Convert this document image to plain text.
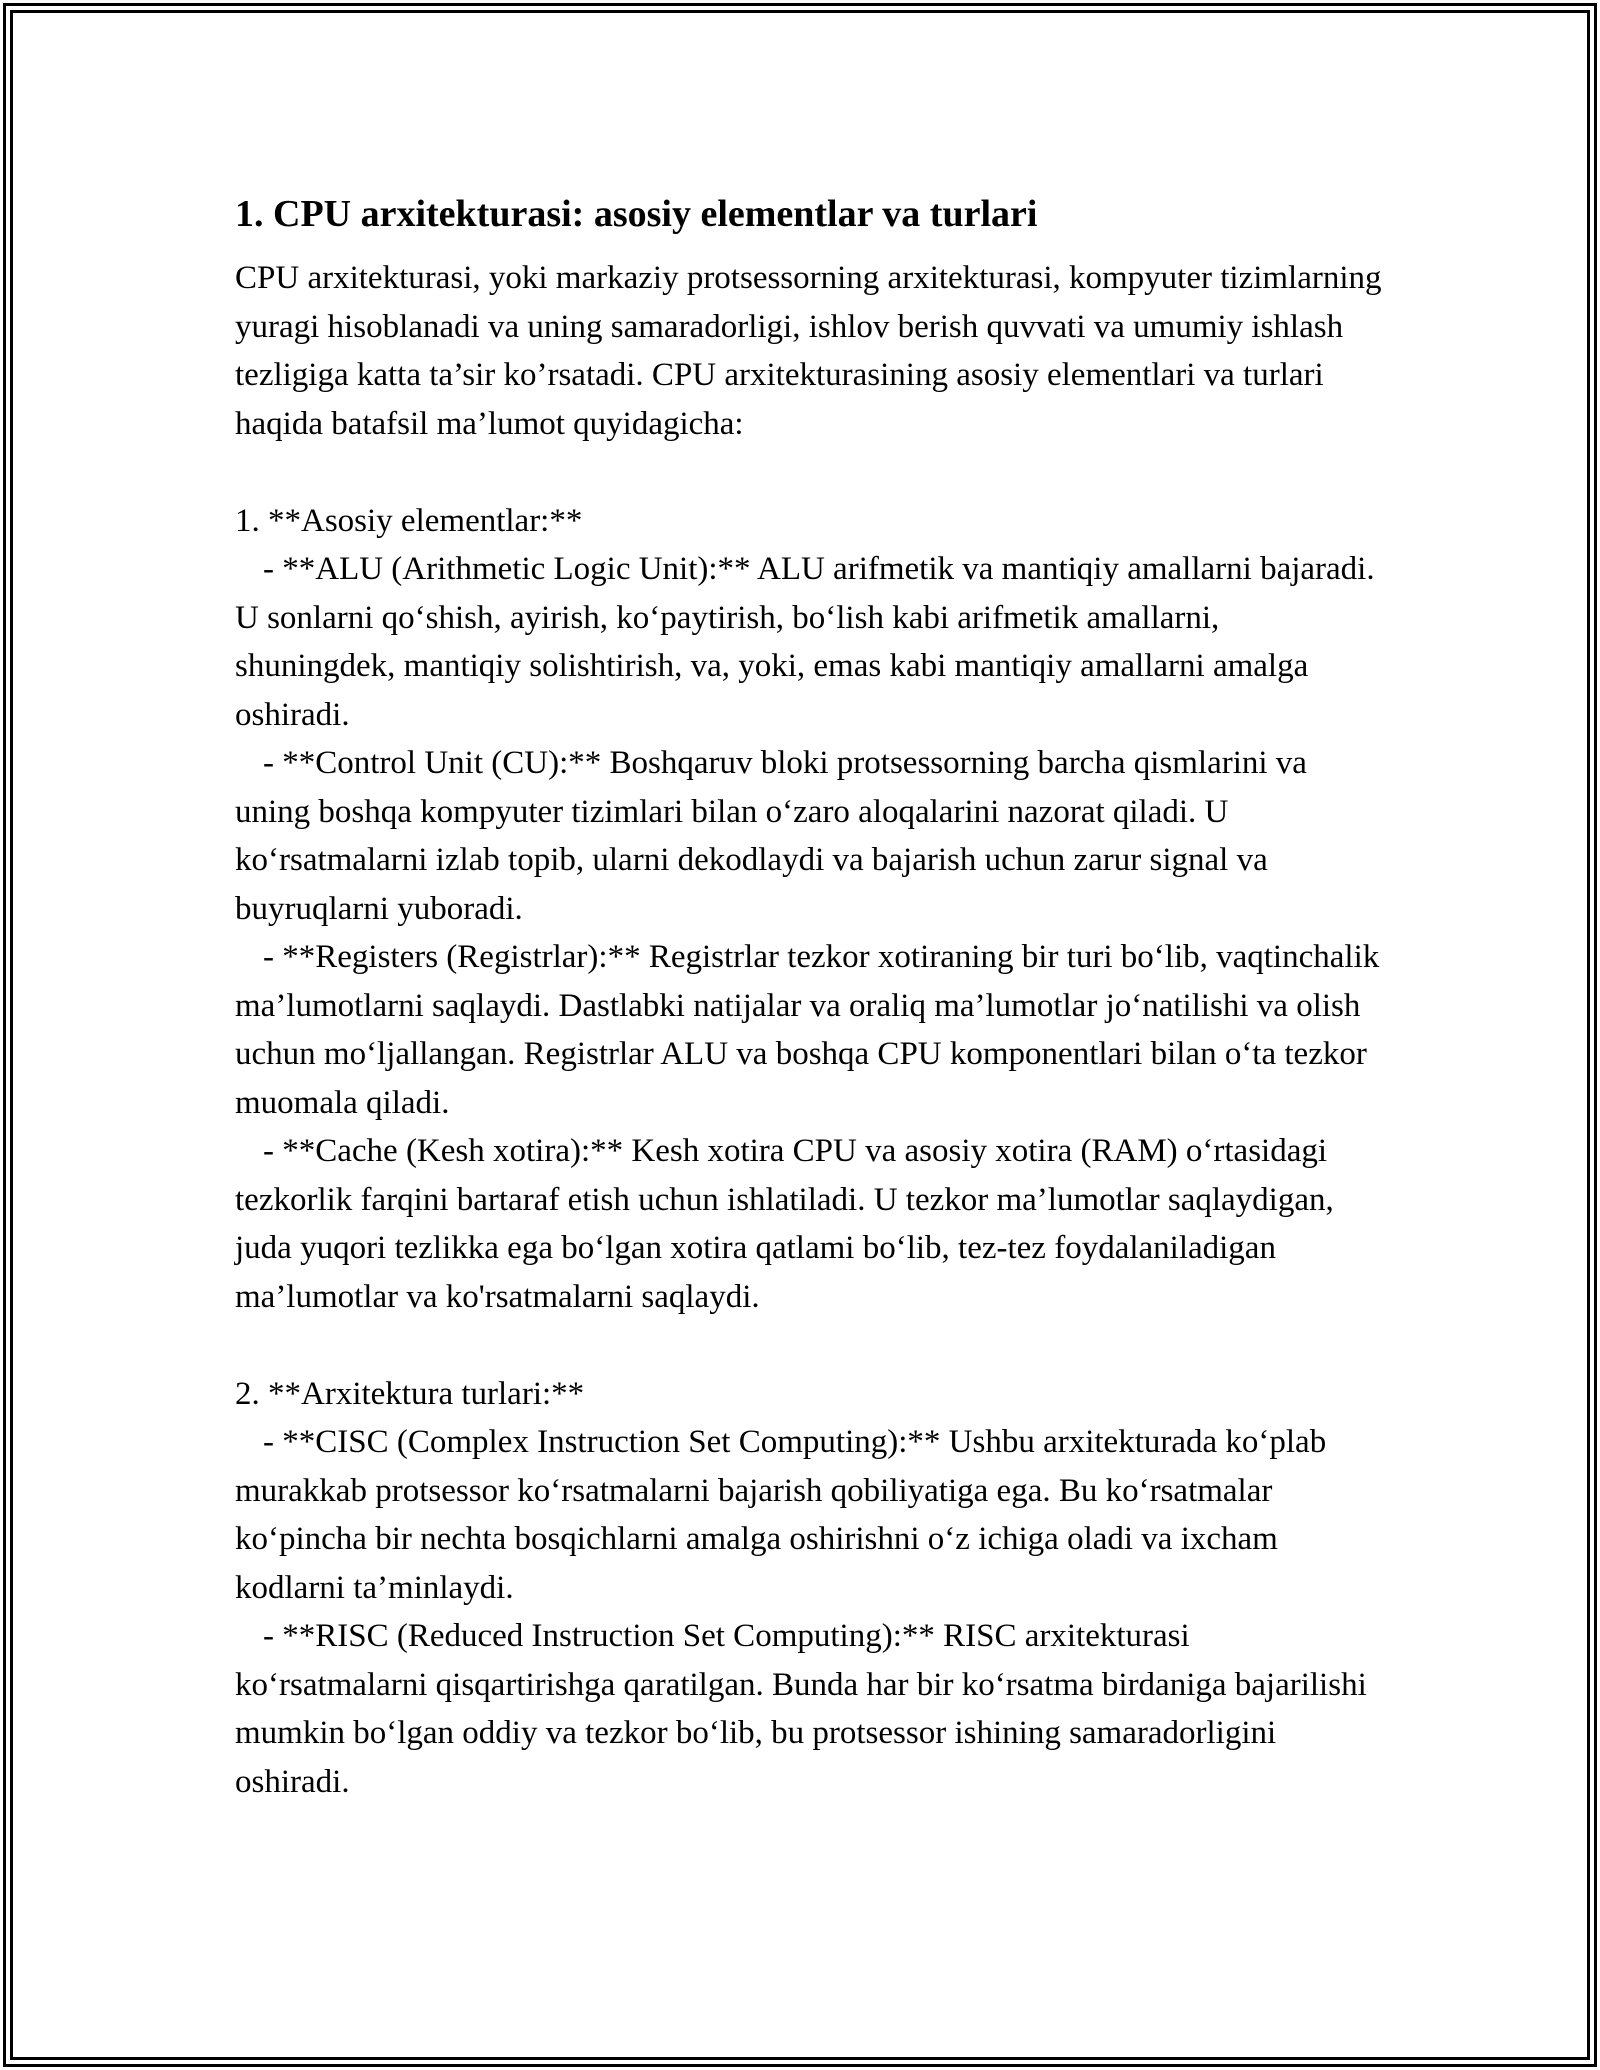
1. CPU arxitekturasi: asosiy elementlar va turlari

CPU arxitekturasi, yoki markaziy protsessorning arxitekturasi, kompyuter tizimlarning yuragi hisoblanadi va uning samaradorligi, ishlov berish quvvati va umumiy ishlash tezligiga katta ta’sir ko’rsatadi. CPU arxitekturasining asosiy elementlari va turlari haqida batafsil ma’lumot quyidagicha:

1. **Asosiy elementlar:**

- **ALU (Arithmetic Logic Unit):** ALU arifmetik va mantiqiy amallarni bajaradi. U sonlarni qoʻshish, ayirish, koʻpaytirish, boʻlish kabi arifmetik amallarni, shuningdek, mantiqiy solishtirish, va, yoki, emas kabi mantiqiy amallarni amalga oshiradi.

- **Control Unit (CU):** Boshqaruv bloki protsessorning barcha qismlarini va uning boshqa kompyuter tizimlari bilan oʻzaro aloqalarini nazorat qiladi. U koʻrsatmalarni izlab topib, ularni dekodlaydi va bajarish uchun zarur signal va buyruqlarni yuboradi.

- **Registers (Registrlar):** Registrlar tezkor xotiraning bir turi boʻlib, vaqtinchalik ma’lumotlarni saqlaydi. Dastlabki natijalar va oraliq ma’lumotlar joʻnatilishi va olish uchun moʻljallangan. Registrlar ALU va boshqa CPU komponentlari bilan oʻta tezkor muomala qiladi.

- **Cache (Kesh xotira):** Kesh xotira CPU va asosiy xotira (RAM) oʻrtasidagi tezkorlik farqini bartaraf etish uchun ishlatiladi. U tezkor ma’lumotlar saqlaydigan, juda yuqori tezlikka ega boʻlgan xotira qatlami boʻlib, tez-tez foydalaniladigan ma’lumotlar va ko'rsatmalarni saqlaydi.

2. **Arxitektura turlari:**

- **CISC (Complex Instruction Set Computing):** Ushbu arxitekturada koʻplab murakkab protsessor koʻrsatmalarni bajarish qobiliyatiga ega. Bu koʻrsatmalar koʻpincha bir nechta bosqichlarni amalga oshirishni oʻz ichiga oladi va ixcham kodlarni ta’minlaydi.

- **RISC (Reduced Instruction Set Computing):** RISC arxitekturasi koʻrsatmalarni qisqartirishga qaratilgan. Bunda har bir koʻrsatma birdaniga bajarilishi mumkin boʻlgan oddiy va tezkor boʻlib, bu protsessor ishining samaradorligini oshiradi.
